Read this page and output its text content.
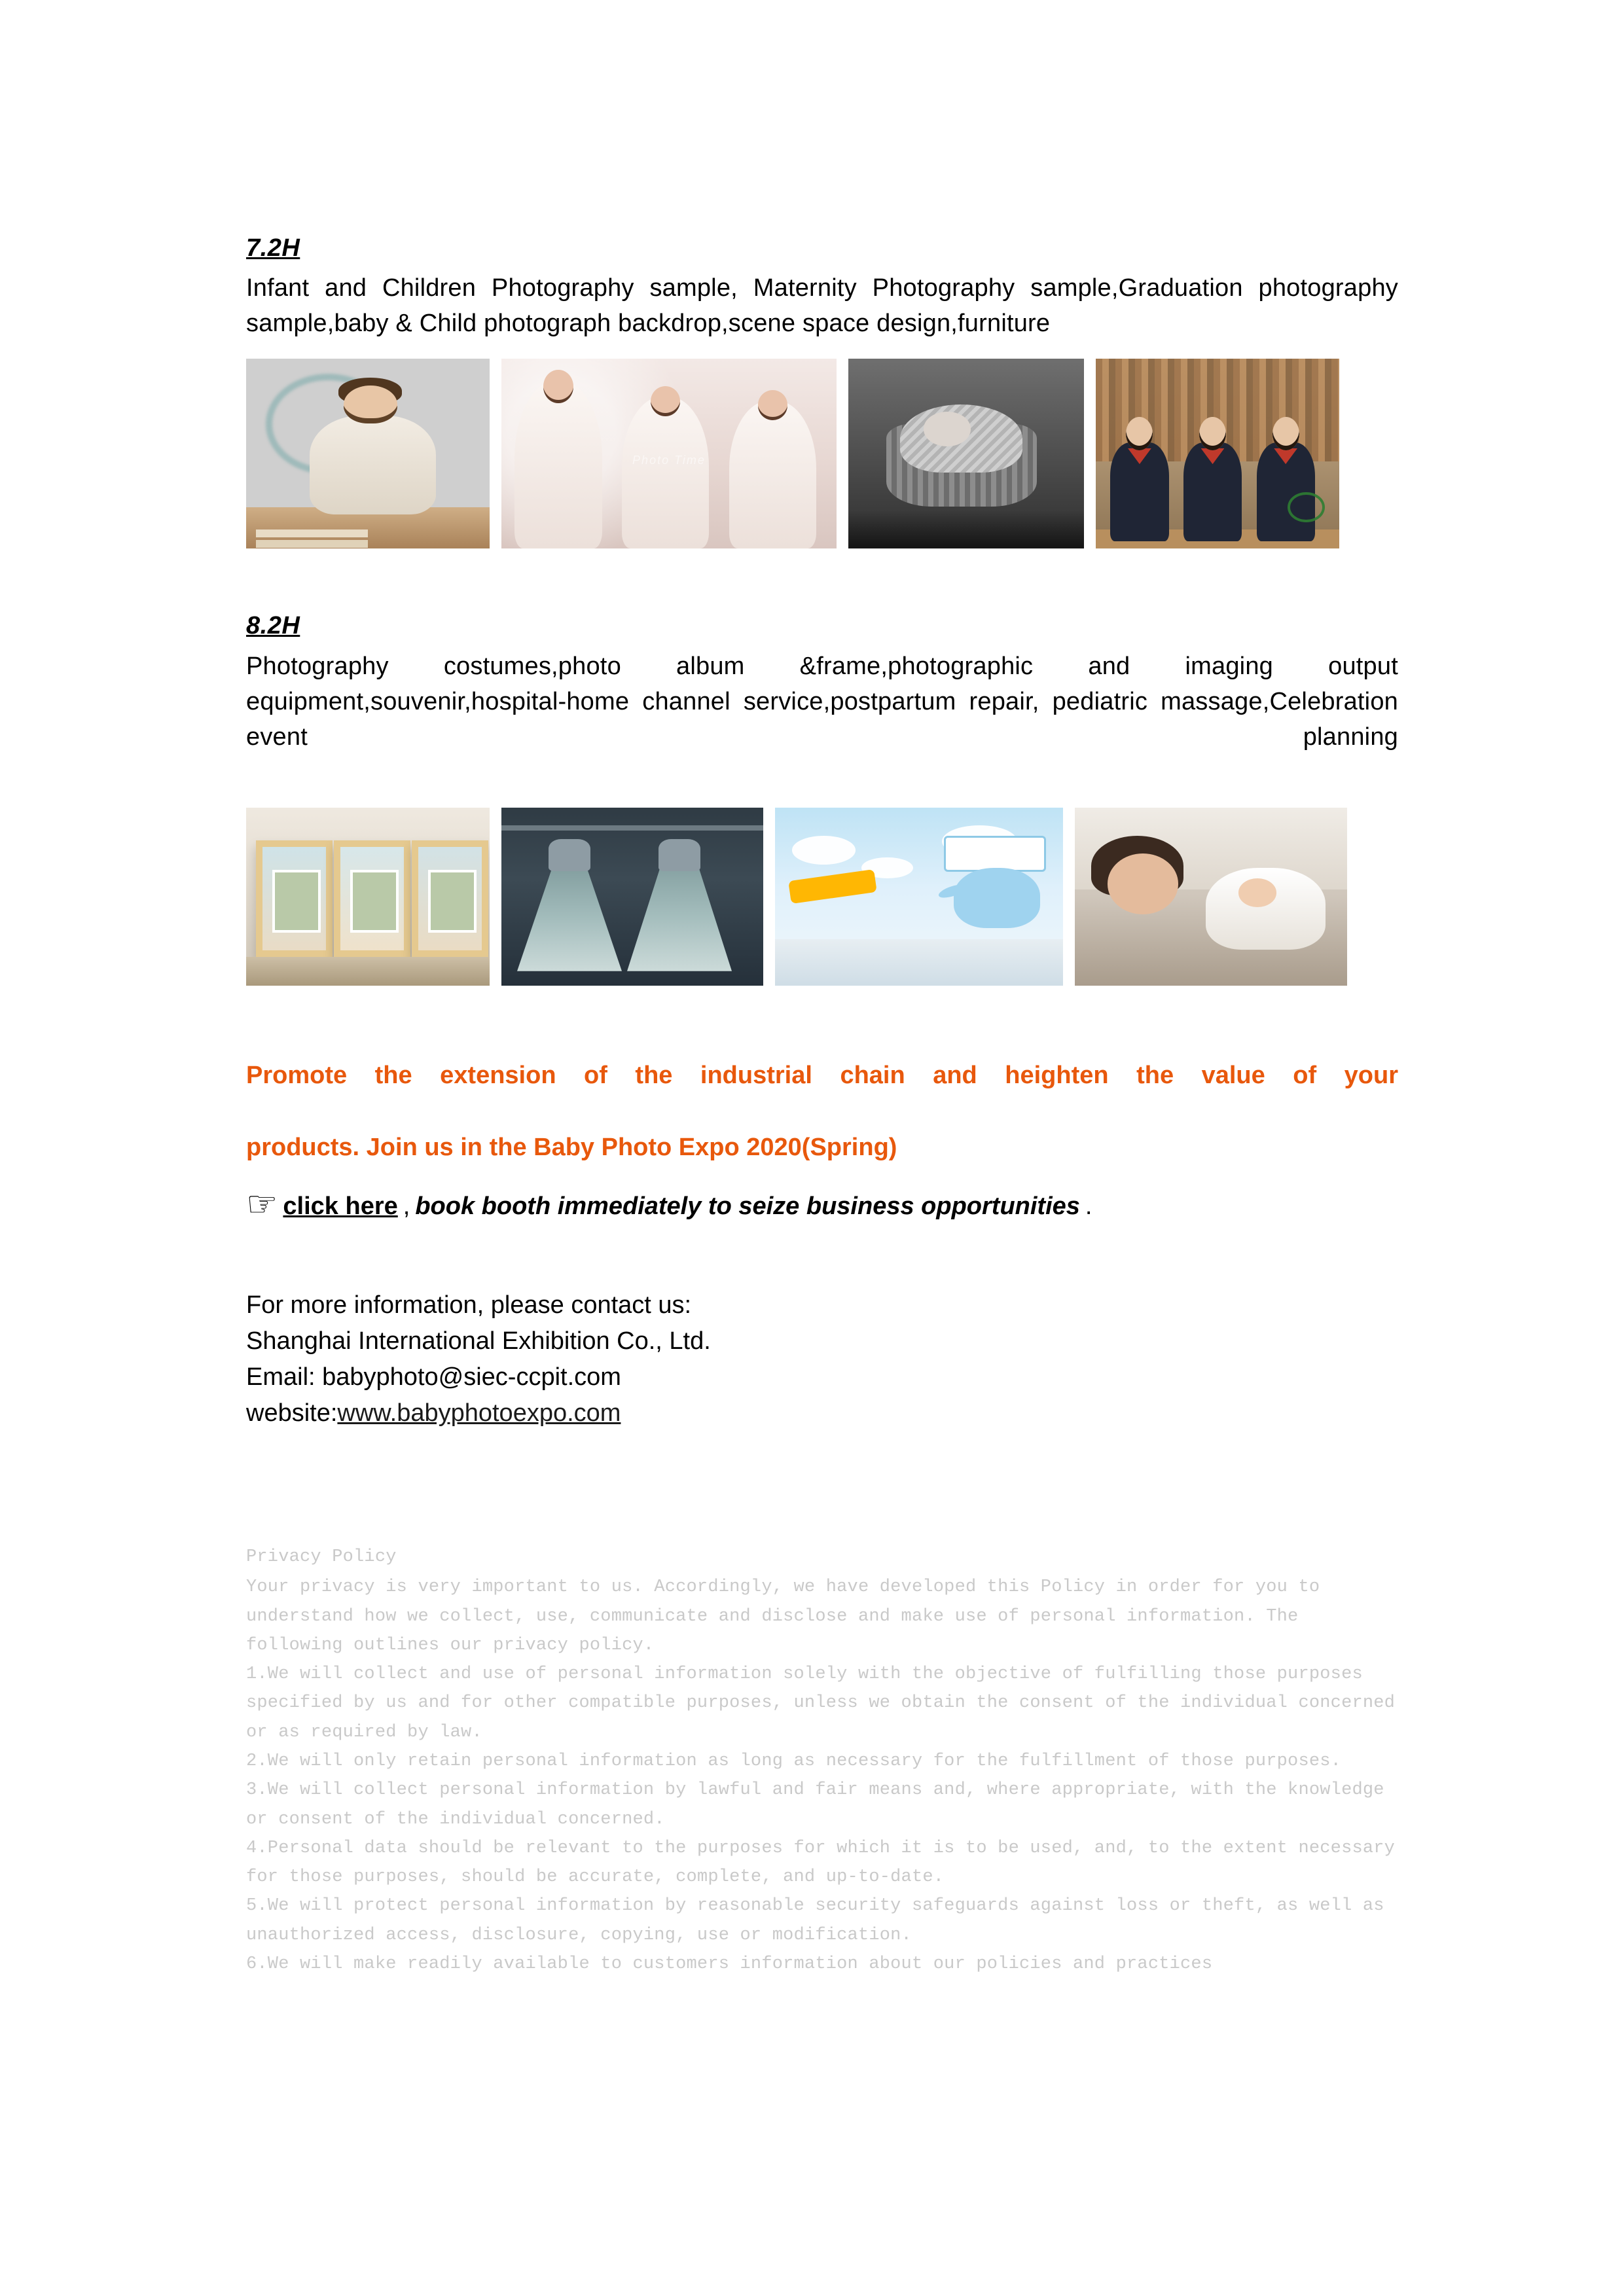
7.2H
Infant and Children Photography sample, Maternity Photography sample,Graduation photography sample,baby & Child photograph backdrop,scene space design,furniture
Photo Time
8.2H
Photography costumes,photo album &frame,photographic and imaging output equipment,souvenir,hospital-home channel service,postpartum repair, pediatric massage,Celebration event planning
Promote the extension of the industrial chain and heighten the value of your
products. Join us in the Baby Photo Expo 2020(Spring)
☞ click here , book booth immediately to seize business opportunities .
For more information, please contact us:
Shanghai International Exhibition Co., Ltd.
Email: babyphoto@siec-ccpit.com
website:www.babyphotoexpo.com

Privacy Policy

Your privacy is very important to us. Accordingly, we have developed this Policy in order for you to understand how we collect, use, communicate and disclose and make use of personal information. The following outlines our privacy policy.

1.We will collect and use of personal information solely with the objective of fulfilling those purposes specified by us and for other compatible purposes, unless we obtain the consent of the individual concerned or as required by law.

2.We will only retain personal information as long as necessary for the fulfillment of those purposes.

3.We will collect personal information by lawful and fair means and, where appropriate, with the knowledge or consent of the individual concerned.

4.Personal data should be relevant to the purposes for which it is to be used, and, to the extent necessary for those purposes, should be accurate, complete, and up-to-date.

5.We will protect personal information by reasonable security safeguards against loss or theft, as well as unauthorized access, disclosure, copying, use or modification.

6.We will make readily available to customers information about our policies and practices
